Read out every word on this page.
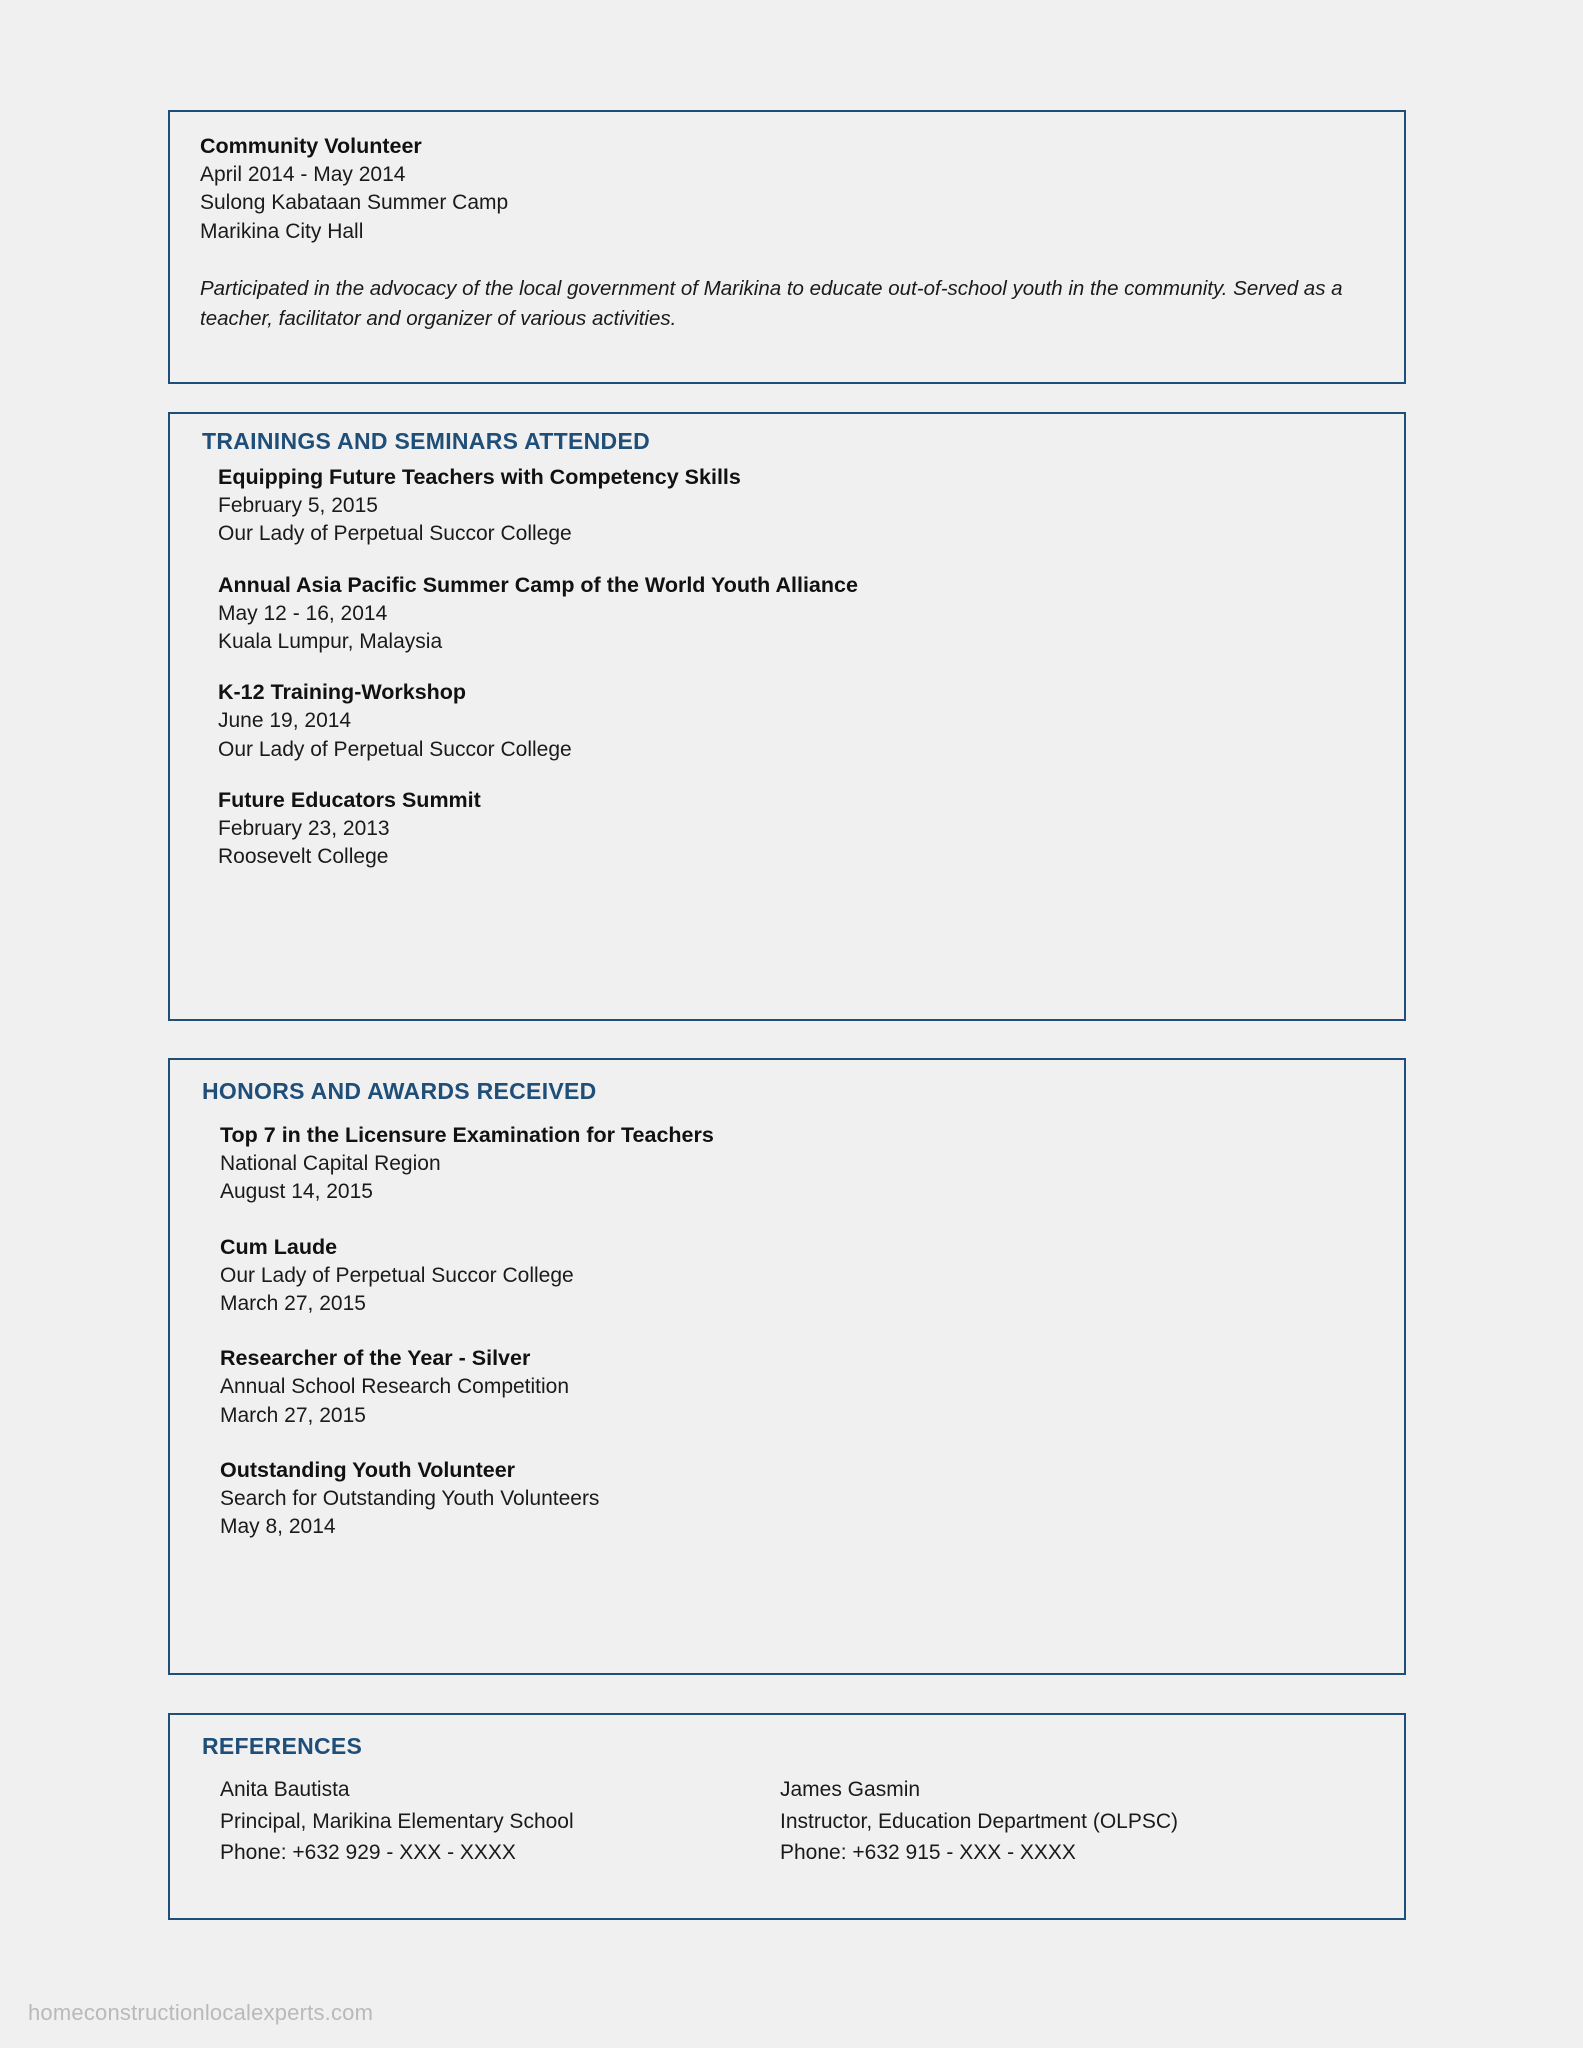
Community Volunteer
April 2014 - May 2014
Sulong Kabataan Summer Camp
Marikina City Hall
Participated in the advocacy of the local government of Marikina to educate out-of-school youth in the community. Served as a teacher, facilitator and organizer of various activities.
TRAININGS AND SEMINARS ATTENDED
Equipping Future Teachers with Competency Skills
February 5, 2015
Our Lady of Perpetual Succor College
Annual Asia Pacific Summer Camp of the World Youth Alliance
May 12 - 16, 2014
Kuala Lumpur, Malaysia
K-12 Training-Workshop
June 19, 2014
Our Lady of Perpetual Succor College
Future Educators Summit
February 23, 2013
Roosevelt College
HONORS AND AWARDS RECEIVED
Top 7 in the Licensure Examination for Teachers
National Capital Region
August 14, 2015
Cum Laude
Our Lady of Perpetual Succor College
March 27, 2015
Researcher of the Year - Silver
Annual School Research Competition
March 27, 2015
Outstanding Youth Volunteer
Search for Outstanding Youth Volunteers
May 8, 2014
REFERENCES
Anita Bautista
Principal, Marikina Elementary School
Phone: +632 929 - XXX - XXXX
James Gasmin
Instructor, Education Department (OLPSC)
Phone: +632 915 - XXX - XXXX
homeconstructionlocalexperts.com
